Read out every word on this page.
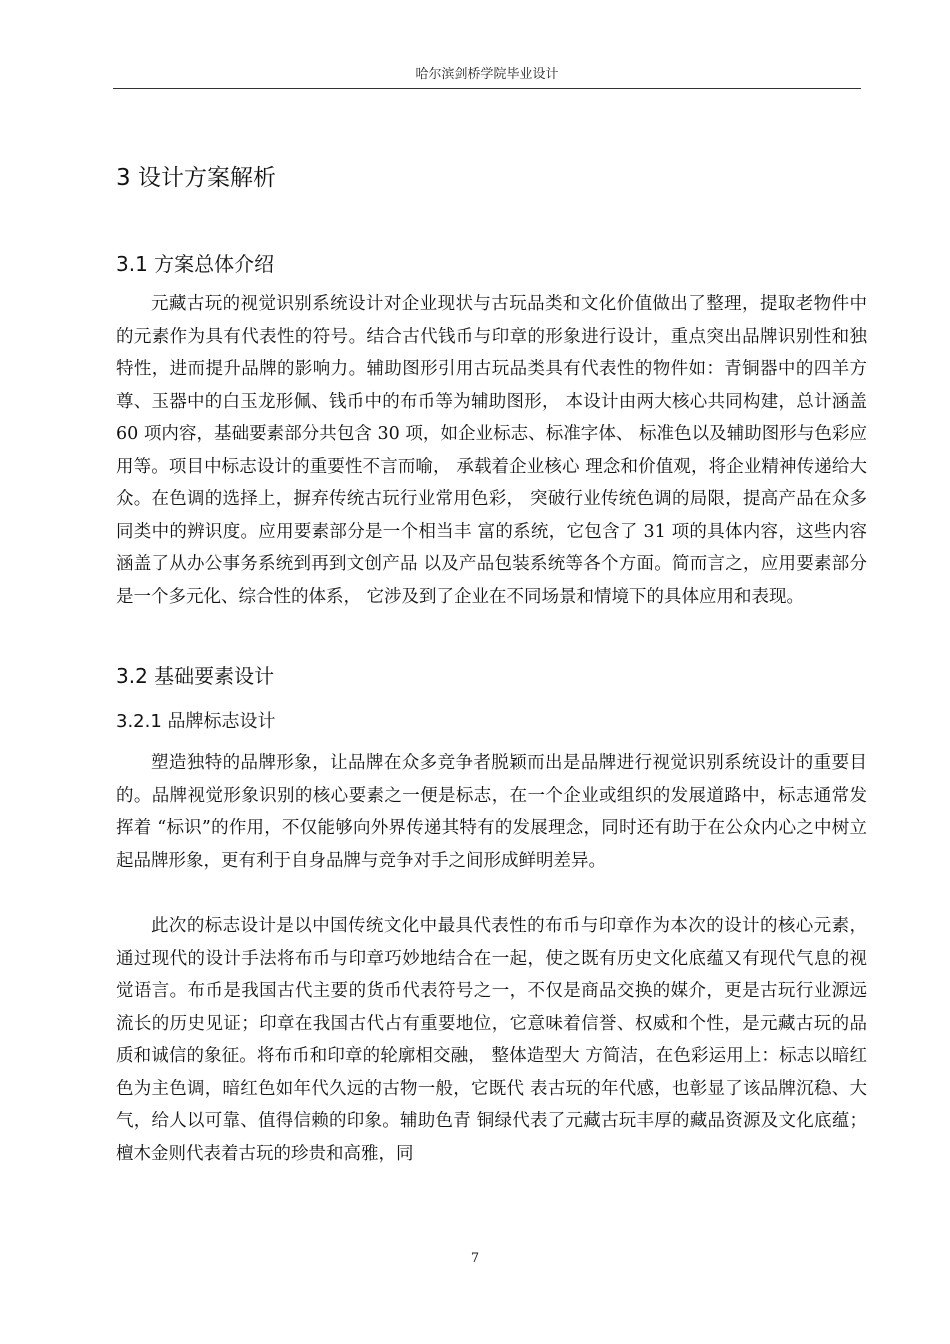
哈尔滨剑桥学院毕业设计
3 设计方案解析
3.1 方案总体介绍

元藏古玩的视觉识别系统设计对企业现状与古玩品类和文化价值做出了整理，提取老物件中的元素作为具有代表性的符号。结合古代钱币与印章的形象进行设计，重点突出品牌识别性和独特性，进而提升品牌的影响力。辅助图形引用古玩品类具有代表性的物件如：青铜器中的四羊方尊、玉器中的白玉龙形佩、钱币中的布币等为辅助图形， 本设计由两大核心共同构建，总计涵盖 60 项内容，基础要素部分共包含 30 项，如企业标志、标准字体、 标准色以及辅助图形与色彩应用等。项目中标志设计的重要性不言而喻， 承载着企业核心 理念和价值观，将企业精神传递给大众。在色调的选择上，摒弃传统古玩行业常用色彩， 突破行业传统色调的局限，提高产品在众多同类中的辨识度。应用要素部分是一个相当丰 富的系统，它包含了 31 项的具体内容，这些内容涵盖了从办公事务系统到再到文创产品 以及产品包装系统等各个方面。简而言之，应用要素部分是一个多元化、综合性的体系， 它涉及到了企业在不同场景和情境下的具体应用和表现。

3.2 基础要素设计
3.2.1 品牌标志设计

塑造独特的品牌形象，让品牌在众多竞争者脱颖而出是品牌进行视觉识别系统设计的重要目的。品牌视觉形象识别的核心要素之一便是标志，在一个企业或组织的发展道路中，标志通常发挥着 “标识”的作用，不仅能够向外界传递其特有的发展理念，同时还有助于在公众内心之中树立起品牌形象，更有利于自身品牌与竞争对手之间形成鲜明差异。

此次的标志设计是以中国传统文化中最具代表性的布币与印章作为本次的设计的核心元素，通过现代的设计手法将布币与印章巧妙地结合在一起，使之既有历史文化底蕴又有现代气息的视觉语言。布币是我国古代主要的货币代表符号之一，不仅是商品交换的媒介，更是古玩行业源远流长的历史见证；印章在我国古代占有重要地位，它意味着信誉、权威和个性，是元藏古玩的品质和诚信的象征。将布币和印章的轮廓相交融， 整体造型大 方简洁，在色彩运用上：标志以暗红色为主色调，暗红色如年代久远的古物一般，它既代 表古玩的年代感，也彰显了该品牌沉稳、大气，给人以可靠、值得信赖的印象。辅助色青 铜绿代表了元藏古玩丰厚的藏品资源及文化底蕴；檀木金则代表着古玩的珍贵和高雅，同

7
